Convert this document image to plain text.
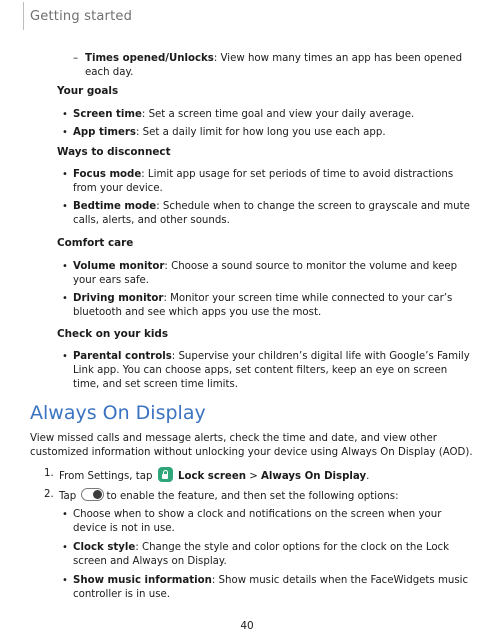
Getting started
– Times opened/Unlocks: View how many times an app has been opened
each day.
Your goals
• Screen time: Set a screen time goal and view your daily average.
• App timers: Set a daily limit for how long you use each app.
Ways to disconnect
• Focus mode: Limit app usage for set periods of time to avoid distractions
from your device.
• Bedtime mode: Schedule when to change the screen to grayscale and mute
calls, alerts, and other sounds.
Comfort care
• Volume monitor: Choose a sound source to monitor the volume and keep
your ears safe.
• Driving monitor: Monitor your screen time while connected to your car’s
bluetooth and see which apps you use the most.
Check on your kids
• Parental controls: Supervise your children’s digital life with Google’s Family
Link app. You can choose apps, set content filters, keep an eye on screen
time, and set screen time limits.
Always On Display
View missed calls and message alerts, check the time and date, and view other
customized information without unlocking your device using Always On Display (AOD).
1. From Settings, tap	Lock screen > Always On Display.
2. Tap	to enable the feature, and then set the following options:
• Choose when to show a clock and notifications on the screen when your
device is not in use.
• Clock style: Change the style and color options for the clock on the Lock
screen and Always on Display.
• Show music information: Show music details when the FaceWidgets music
controller is in use.
40
